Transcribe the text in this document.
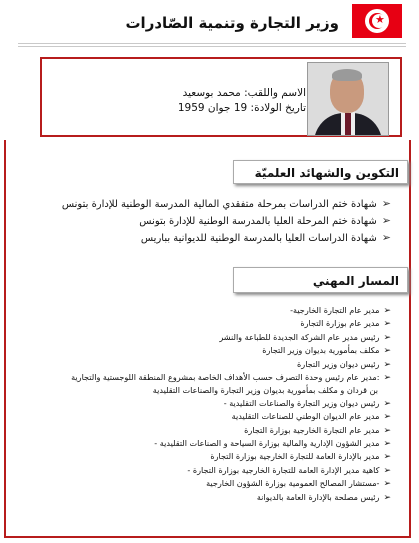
★
وزير التجارة وتنمية الصّادرات
الاسم واللقب: محمد بوسعيد
تاريخ الولادة: 19 جوان 1959
التكوين والشهائد العلميّة
➢شهادة ختم الدراسات بمرحلة متفقدي المالية المدرسة الوطنية للإدارة بتونس
➢شهادة ختم المرحلة العليا بالمدرسة الوطنية للإدارة بتونس
➢شهادة الدراسات العليا بالمدرسة الوطنية للديوانية بباريس
المسار المهني
➢مدير عام التجارة الخارجية-
➢مدير عام بوزارة التجارة
➢رئيس مدير عام الشركة الجديدة للطباعة والنشر
➢مكلف بمأمورية بديوان وزير التجارة
➢رئيس ديوان وزير التجارة
➢:مدير عام رئيس وحدة التصرف حسب الأهداف الخاصة بمشروع المنطقة اللوجستية والتجارية
بن قردان و مكلف بمأمورية بديوان وزير التجارة والصناعات التقليدية
➢رئيس ديوان وزير التجارة والصناعات التقليدية -
➢مدير عام الديوان الوطني للصناعات التقليدية
➢مدير عام التجارة الخارجية بوزارة التجارة
➢مدير الشؤون الإدارية والمالية بوزارة السياحة و الصناعات التقليدية -
➢مدير بالإدارة العامة للتجارة الخارجية بوزارة التجارة
➢كاهية مدير الإدارة العامة للتجارة الخارجية بوزارة التجارة -
➢-مستشار المصالح العمومية بوزارة الشؤون الخارجية
➢رئيس مصلحة بالإدارة العامة بالديوانة
